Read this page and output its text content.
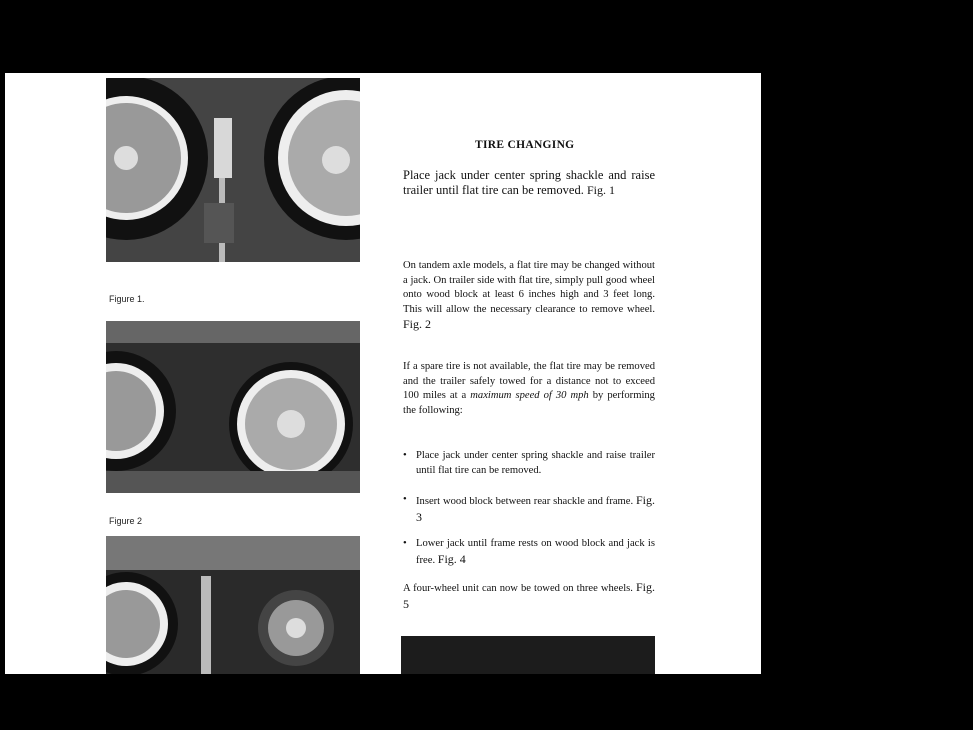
Figure 1.
Figure 2
TIRE CHANGING
Place jack under center spring shackle and raise trailer until flat tire can be removed. Fig. 1
On tandem axle models, a flat tire may be changed without a jack. On trailer side with flat tire, simply pull good wheel onto wood block at least 6 inches high and 3 feet long. This will allow the necessary clearance to remove wheel. Fig. 2
If a spare tire is not available, the flat tire may be removed and the trailer safely towed for a distance not to exceed 100 miles at a maximum speed of 30 mph by performing the following:
• Place jack under center spring shackle and raise trailer until flat tire can be removed.
• Insert wood block between rear shackle and frame. Fig. 3
• Lower jack until frame rests on wood block and jack is free. Fig. 4
A four-wheel unit can now be towed on three wheels. Fig. 5
